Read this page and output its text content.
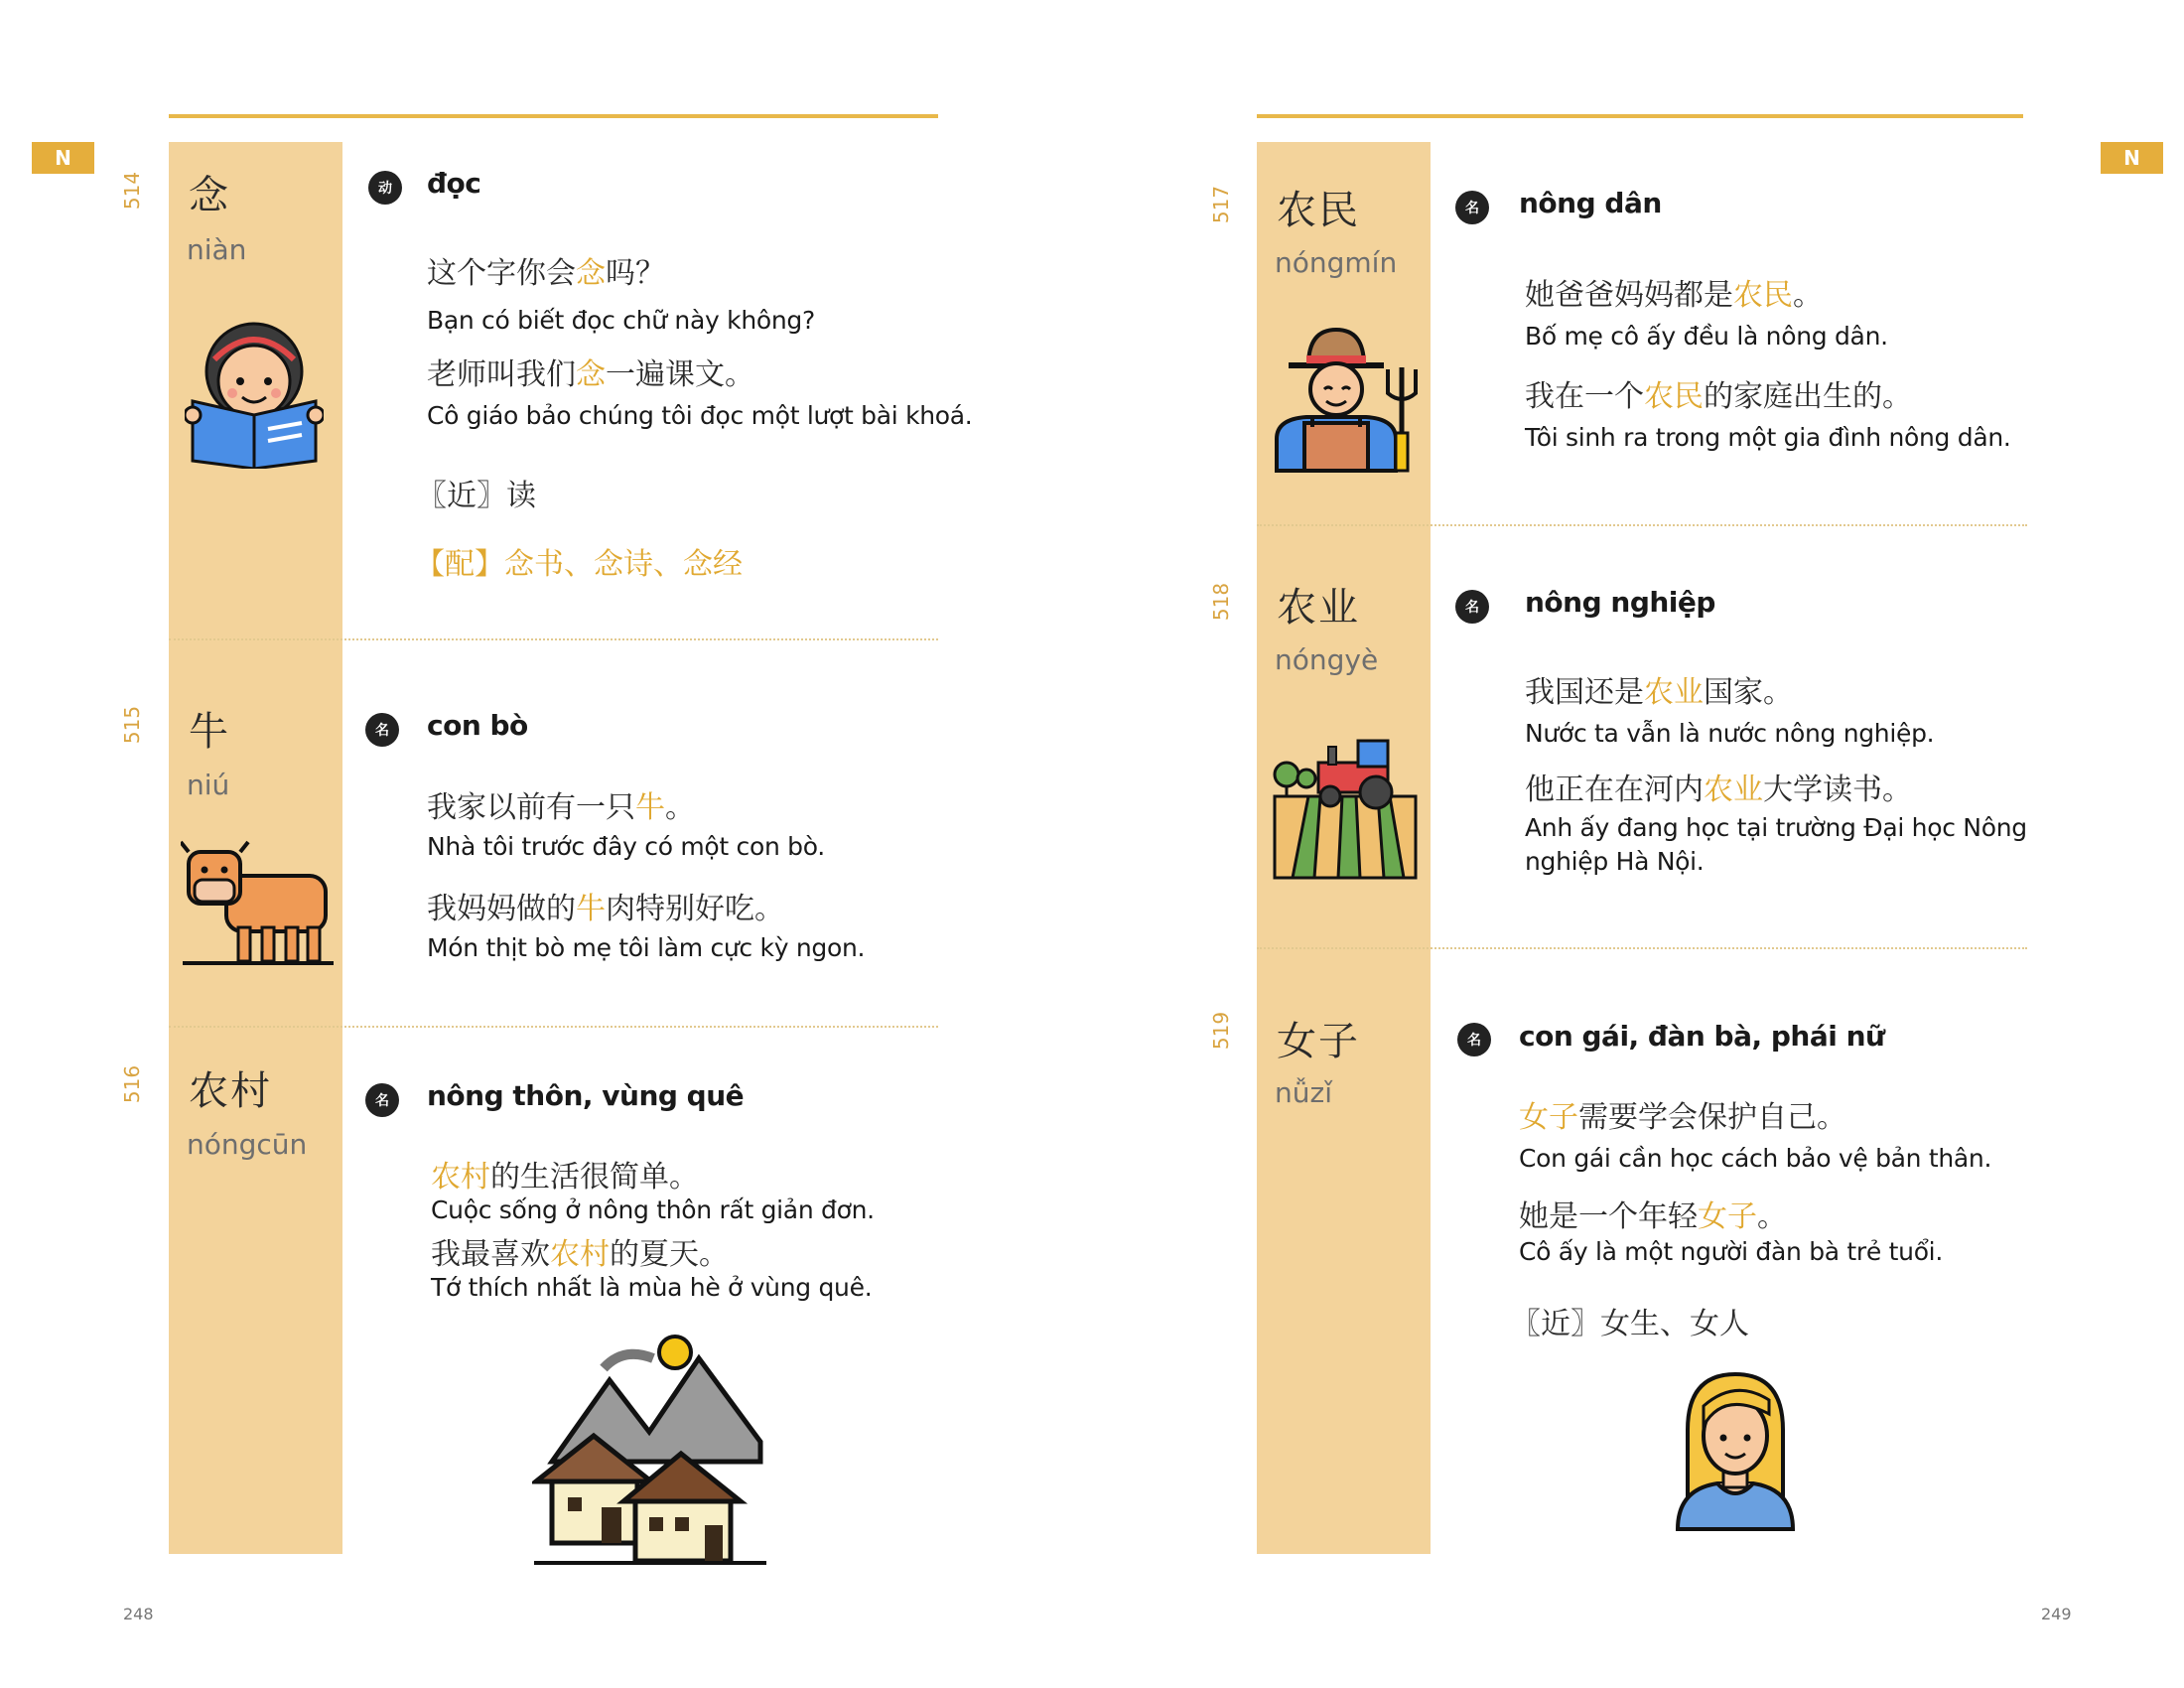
N
248
514 念
niàn
动	đọc
这个字你会念吗？
Bạn có biết đọc chữ này không?
老师叫我们念一遍课文。
Cô giáo bảo chúng tôi đọc một lượt bài khoá.
〖近〗读
【配】念书、念诗、念经
515 牛
niú
名	con bò
我家以前有一只牛。
Nhà tôi trước đây có một con bò.
我妈妈做的牛肉特别好吃。
Món thịt bò mẹ tôi làm cực kỳ ngon.
516 农村
nóngcūn
名	nông thôn, vùng quê
农村的生活很简单。
Cuộc sống ở nông thôn rất giản đơn.
我最喜欢农村的夏天。
Tớ thích nhất là mùa hè ở vùng quê.
N
249
517 农民
nóngmín
名	nông dân
她爸爸妈妈都是农民。
Bố mẹ cô ấy đều là nông dân.
我在一个农民的家庭出生的。
Tôi sinh ra trong một gia đình nông dân.
518 农业
nóngyè
名	nông nghiệp
我国还是农业国家。
Nước ta vẫn là nước nông nghiệp.
他正在在河内农业大学读书。
Anh ấy đang học tại trường Đại học Nông nghiệp Hà Nội.
519 女子
nǚzǐ
名	con gái, đàn bà, phái nữ
女子需要学会保护自己。
Con gái cần học cách bảo vệ bản thân.
她是一个年轻女子。
Cô ấy là một người đàn bà trẻ tuổi.
〖近〗女生、女人
